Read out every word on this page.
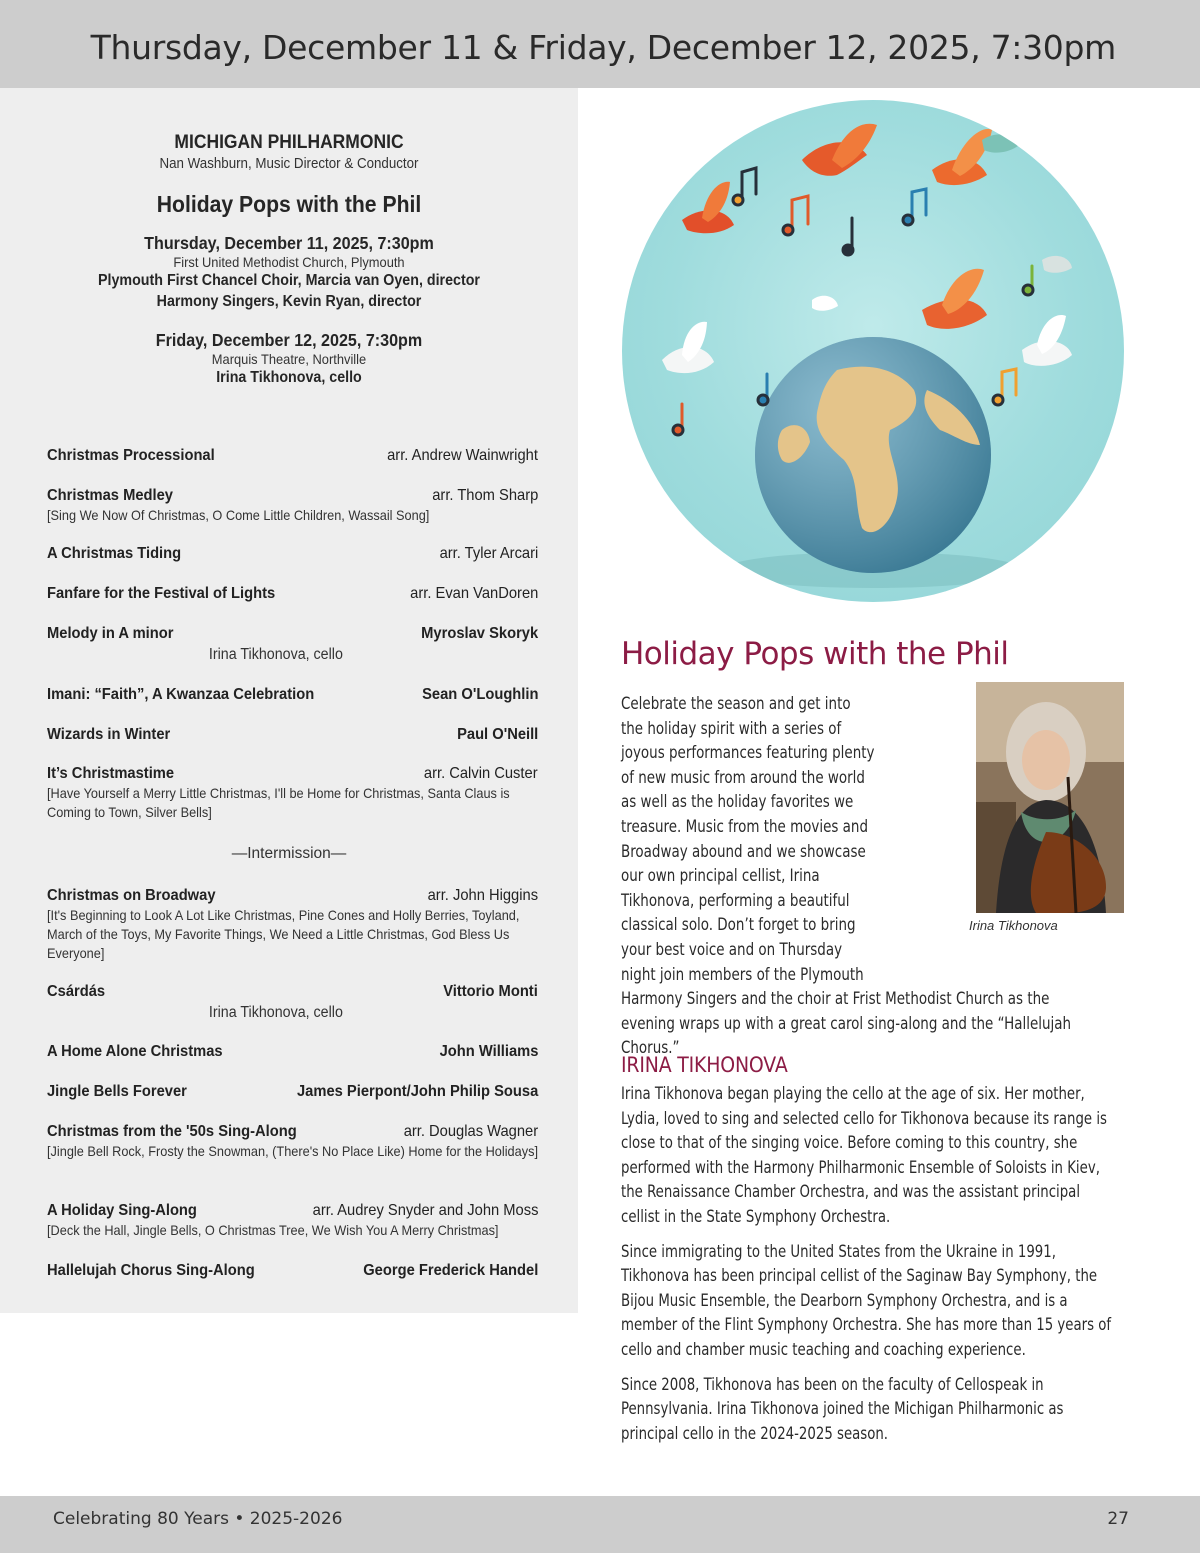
Thursday, December 11 & Friday, December 12, 2025, 7:30pm
MICHIGAN PHILHARMONIC
Nan Washburn, Music Director & Conductor
Holiday Pops with the Phil
Thursday, December 11, 2025, 7:30pm
First United Methodist Church, Plymouth
Plymouth First Chancel Choir, Marcia van Oyen, director
Harmony Singers, Kevin Ryan, director
Friday, December 12, 2025, 7:30pm
Marquis Theatre, Northville
Irina Tikhonova, cello
Christmas Processional	arr. Andrew Wainwright
Christmas Medley	arr. Thom Sharp
[Sing We Now Of Christmas, O Come Little Children, Wassail Song]
A Christmas Tiding	arr. Tyler Arcari
Fanfare for the Festival of Lights	arr. Evan VanDoren
Melody in A minor	Myroslav Skoryk
Irina Tikhonova, cello
Imani: “Faith”, A Kwanzaa Celebration	Sean O'Loughlin
Wizards in Winter	Paul O'Neill
It’s Christmastime	arr. Calvin Custer
[Have Yourself a Merry Little Christmas, I'll be Home for Christmas, Santa Claus is Coming to Town, Silver Bells]
—Intermission—
Christmas on Broadway	arr. John Higgins
[It's Beginning to Look A Lot Like Christmas, Pine Cones and Holly Berries, Toyland, March of the Toys, My Favorite Things, We Need a Little Christmas, God Bless Us Everyone]
Csárdás	Vittorio Monti
Irina Tikhonova, cello
A Home Alone Christmas	John Williams
Jingle Bells Forever	James Pierpont/John Philip Sousa
Christmas from the '50s Sing-Along	arr. Douglas Wagner
[Jingle Bell Rock, Frosty the Snowman, (There's No Place Like) Home for the Holidays]
A Holiday Sing-Along	arr. Audrey Snyder and John Moss
[Deck the Hall, Jingle Bells, O Christmas Tree, We Wish You A Merry Christmas]
Hallelujah Chorus Sing-Along	George Frederick Handel
Holiday Pops with the Phil
Irina Tikhonova
Celebrate the season and get into the holiday spirit with a series of joyous performances featuring plenty of new music from around the world as well as the holiday favorites we treasure. Music from the movies and Broadway abound and we showcase our own principal cellist, Irina Tikhonova, performing a beautiful classical solo. Don’t forget to bring your best voice and on Thursday night join members of the Plymouth Harmony Singers and the choir at Frist Methodist Church as the evening wraps up with a great carol sing-along and the “Hallelujah Chorus.”
IRINA TIKHONOVA

Irina Tikhonova began playing the cello at the age of six. Her mother, Lydia, loved to sing and selected cello for Tikhonova because its range is close to that of the singing voice. Before coming to this country, she performed with the Harmony Philharmonic Ensemble of Soloists in Kiev, the Renaissance Chamber Orchestra, and was the assistant principal cellist in the State Symphony Orchestra.

Since immigrating to the United States from the Ukraine in 1991, Tikhonova has been principal cellist of the Saginaw Bay Symphony, the Bijou Music Ensemble, the Dearborn Symphony Orchestra, and is a member of the Flint Symphony Orchestra. She has more than 15 years of cello and chamber music teaching and coaching experience.

Since 2008, Tikhonova has been on the faculty of Cellospeak in Pennsylvania. Irina Tikhonova joined the Michigan Philharmonic as principal cello in the 2024-2025 season.

Celebrating 80 Years • 2025-2026	27
